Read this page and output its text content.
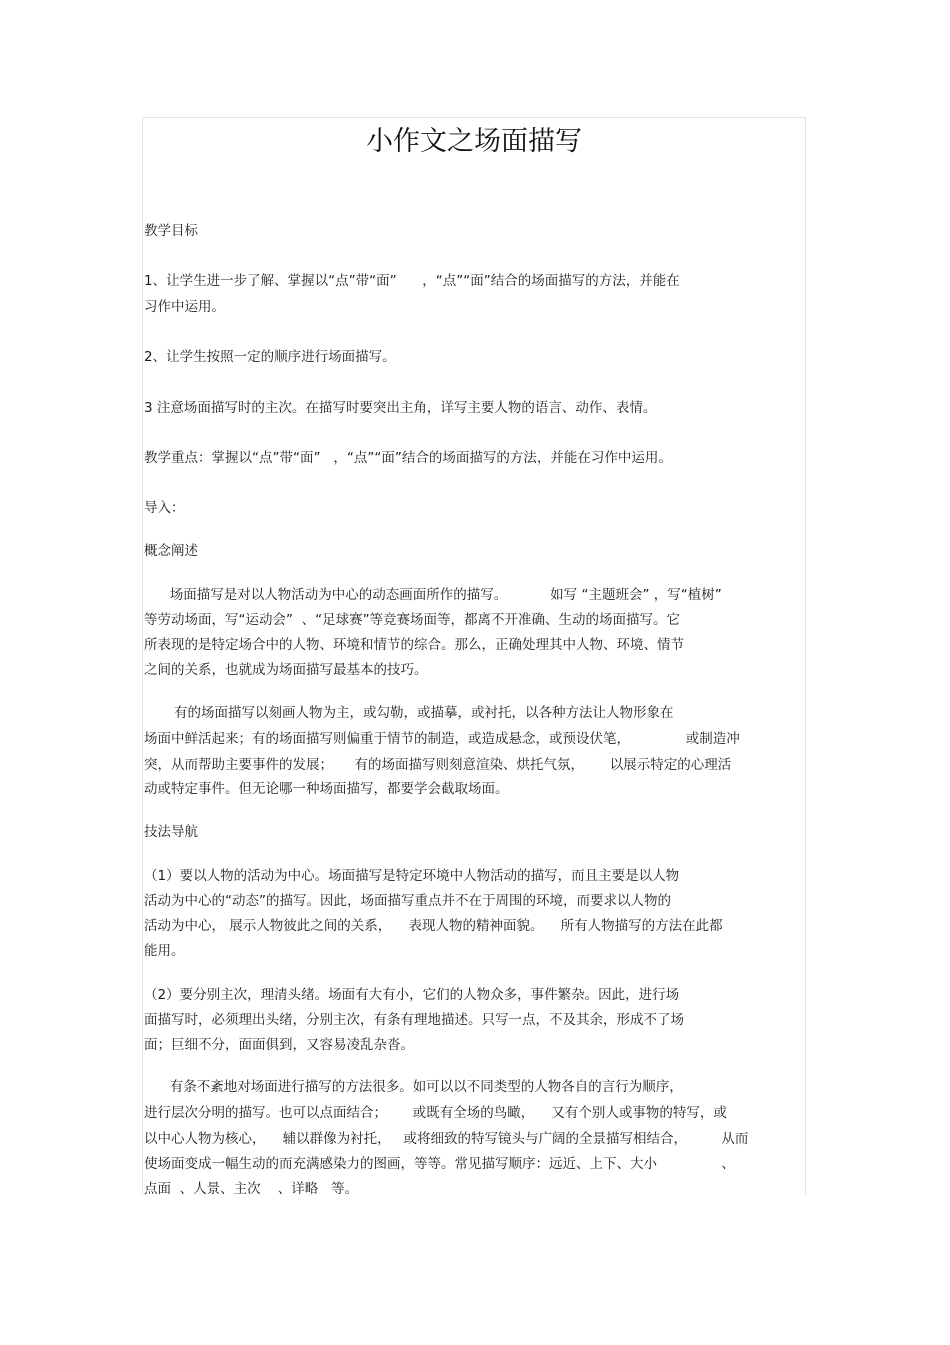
小作文之场面描写
教学目标
1、让学生进一步了解、掌握以“点”带“面”      ，“点”“面”结合的场面描写的方法，并能在
习作中运用。
2、让学生按照一定的顺序进行场面描写。
3 注意场面描写时的主次。在描写时要突出主角，详写主要人物的语言、动作、表情。
教学重点：掌握以“点”带“面”   ，“点”“面”结合的场面描写的方法，并能在习作中运用。
导入：
概念阐述
场面描写是对以人物活动为中心的动态画面所作的描写。          如写 “主题班会” ，写“植树”
等劳动场面，写“运动会”  、“足球赛”等竞赛场面等，都离不开准确、生动的场面描写。它
所表现的是特定场合中的人物、环境和情节的综合。那么，正确处理其中人物、环境、情节
之间的关系，也就成为场面描写最基本的技巧。
有的场面描写以刻画人物为主，或勾勒，或描摹，或衬托，以各种方法让人物形象在
场面中鲜活起来；有的场面描写则偏重于情节的制造，或造成悬念，或预设伏笔，             或制造冲
突，从而帮助主要事件的发展；     有的场面描写则刻意渲染、烘托气氛，      以展示特定的心理活
动或特定事件。但无论哪一种场面描写，都要学会截取场面。
技法导航
（1）要以人物的活动为中心。场面描写是特定环境中人物活动的描写，而且主要是以人物
活动为中心的“动态”的描写。因此，场面描写重点并不在于周围的环境，而要求以人物的
活动为中心， 展示人物彼此之间的关系，    表现人物的精神面貌。    所有人物描写的方法在此都
能用。
（2）要分别主次，理清头绪。场面有大有小，它们的人物众多，事件繁杂。因此，进行场
面描写时，必须理出头绪，分别主次，有条有理地描述。只写一点，不及其余，形成不了场
面；巨细不分，面面俱到，又容易凌乱杂沓。
有条不紊地对场面进行描写的方法很多。如可以以不同类型的人物各自的言行为顺序，
进行层次分明的描写。也可以点面结合；      或既有全场的鸟瞰，    又有个别人或事物的特写，或
以中心人物为核心，    辅以群像为衬托，   或将细致的特写镜头与广阔的全景描写相结合，        从而
使场面变成一幅生动的而充满感染力的图画，等等。常见描写顺序：远近、上下、大小               、
点面  、人景、主次    、详略   等。
